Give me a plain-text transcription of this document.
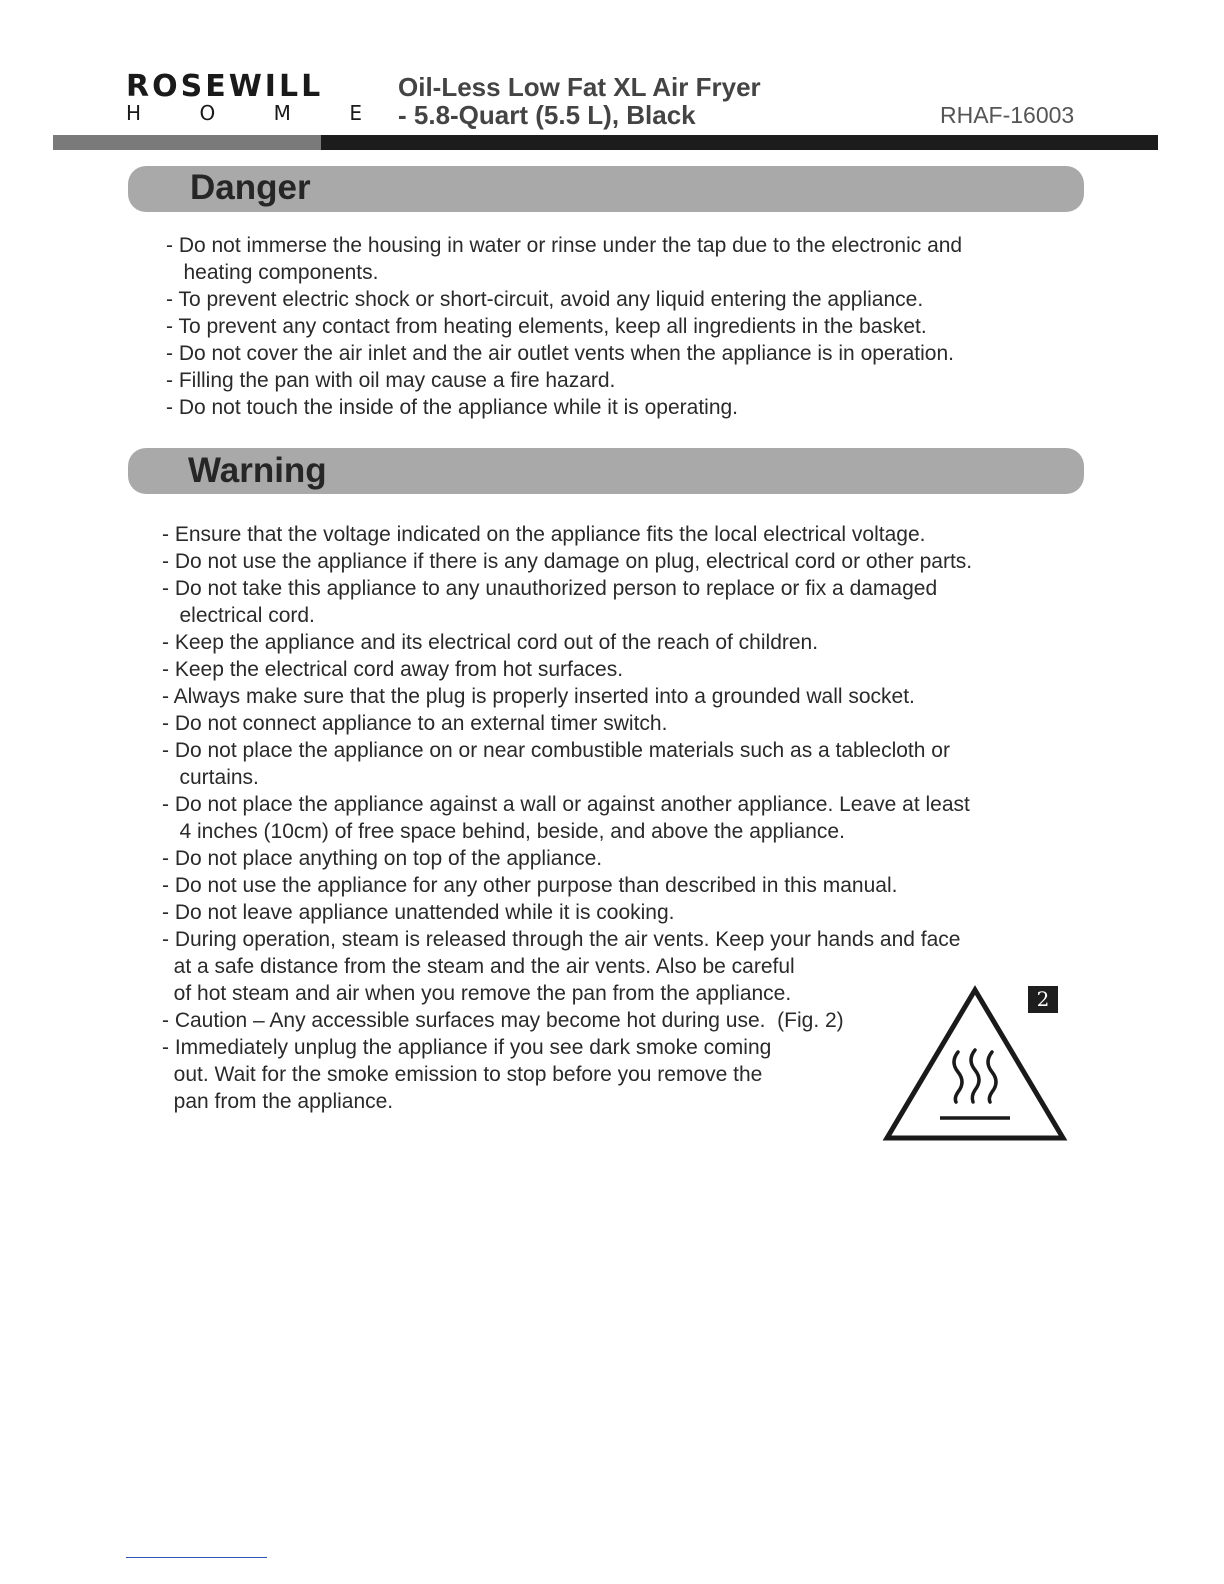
ROSEWILL
H	O	M	E
Oil-Less Low Fat XL Air Fryer
- 5.8-Quart (5.5 L), Black	RHAF-16003
Danger
- Do not immerse the housing in water or rinse under the tap due to the electronic and
heating components.
- To prevent electric shock or short-circuit, avoid any liquid entering the appliance.
- To prevent any contact from heating elements, keep all ingredients in the basket.
- Do not cover the air inlet and the air outlet vents when the appliance is in operation.
- Filling the pan with oil may cause a fire hazard.
- Do not touch the inside of the appliance while it is operating.
Warning
- Ensure that the voltage indicated on the appliance fits the local electrical voltage.
- Do not use the appliance if there is any damage on plug, electrical cord or other parts.
- Do not take this appliance to any unauthorized person to replace or fix a damaged
electrical cord.
- Keep the appliance and its electrical cord out of the reach of children.
- Keep the electrical cord away from hot surfaces.
- Always make sure that the plug is properly inserted into a grounded wall socket.
- Do not connect appliance to an external timer switch.
- Do not place the appliance on or near combustible materials such as a tablecloth or
curtains.
- Do not place the appliance against a wall or against another appliance. Leave at least
4 inches (10cm) of free space behind, beside, and above the appliance.
- Do not place anything on top of the appliance.
- Do not use the appliance for any other purpose than described in this manual.
- Do not leave appliance unattended while it is cooking.
- During operation, steam is released through the air vents. Keep your hands and face
at a safe distance from the steam and the air vents. Also be careful
of hot steam and air when you remove the pan from the appliance.
- Caution – Any accessible surfaces may become hot during use.  (Fig. 2)
- Immediately unplug the appliance if you see dark smoke coming
out. Wait for the smoke emission to stop before you remove the
pan from the appliance.
2
